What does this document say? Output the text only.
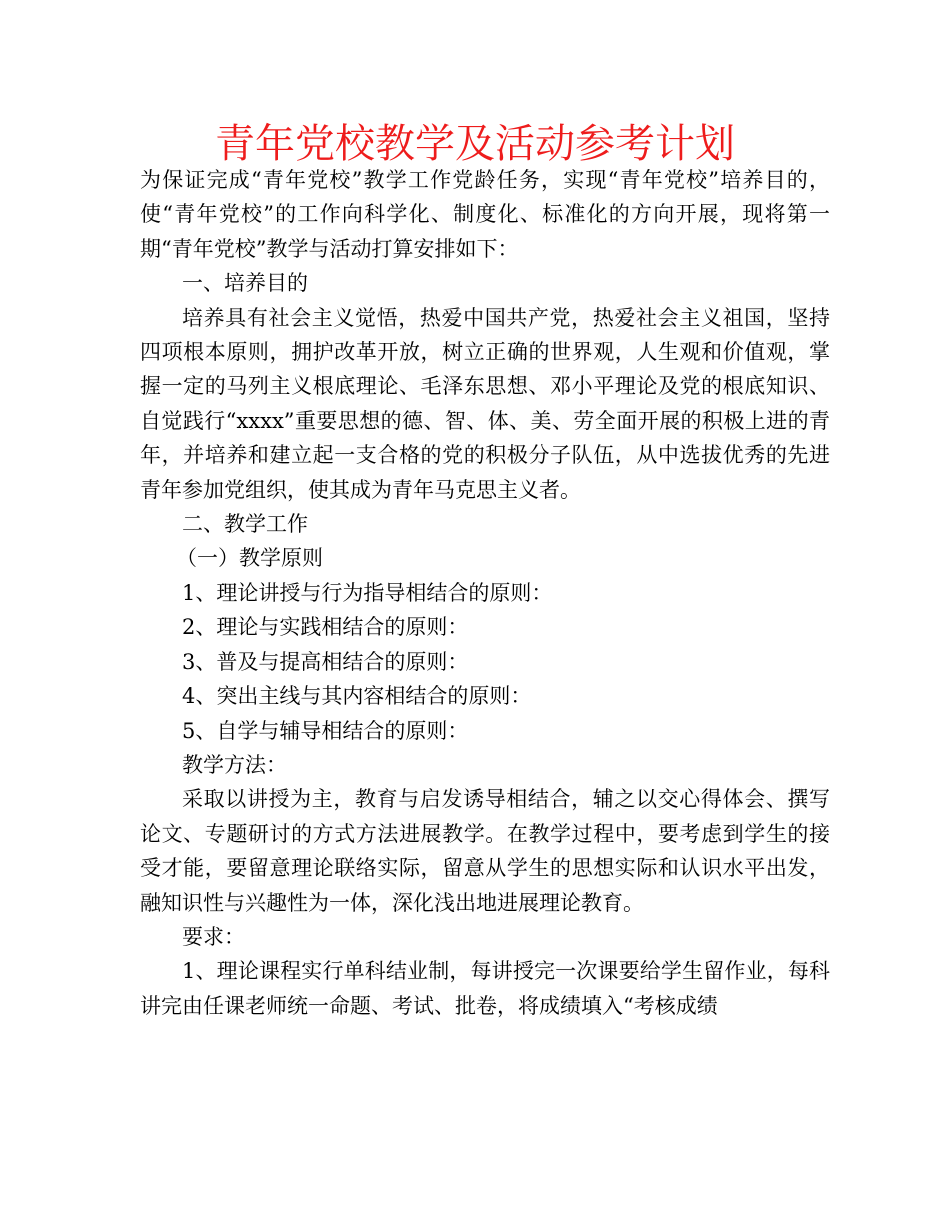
青年党校教学及活动参考计划

为保证完成“青年党校”教学工作党龄任务，实现“青年党校”培养目的，使“青年党校”的工作向科学化、制度化、标准化的方向开展，现将第一期“青年党校”教学与活动打算安排如下：

一、培养目的

培养具有社会主义觉悟，热爱中国共产党，热爱社会主义祖国，坚持四项根本原则，拥护改革开放，树立正确的世界观，人生观和价值观，掌握一定的马列主义根底理论、毛泽东思想、邓小平理论及党的根底知识、自觉践行“xxxx”重要思想的德、智、体、美、劳全面开展的积极上进的青年，并培养和建立起一支合格的党的积极分子队伍，从中选拔优秀的先进青年参加党组织，使其成为青年马克思主义者。

二、教学工作

（一）教学原则

1、理论讲授与行为指导相结合的原则：

2、理论与实践相结合的原则：

3、普及与提高相结合的原则：

4、突出主线与其内容相结合的原则：

5、自学与辅导相结合的原则：

教学方法：

采取以讲授为主，教育与启发诱导相结合，辅之以交心得体会、撰写论文、专题研讨的方式方法进展教学。在教学过程中，要考虑到学生的接受才能，要留意理论联络实际，留意从学生的思想实际和认识水平出发，融知识性与兴趣性为一体，深化浅出地进展理论教育。

要求：

1、理论课程实行单科结业制，每讲授完一次课要给学生留作业，每科讲完由任课老师统一命题、考试、批卷，将成绩填入“考核成绩
